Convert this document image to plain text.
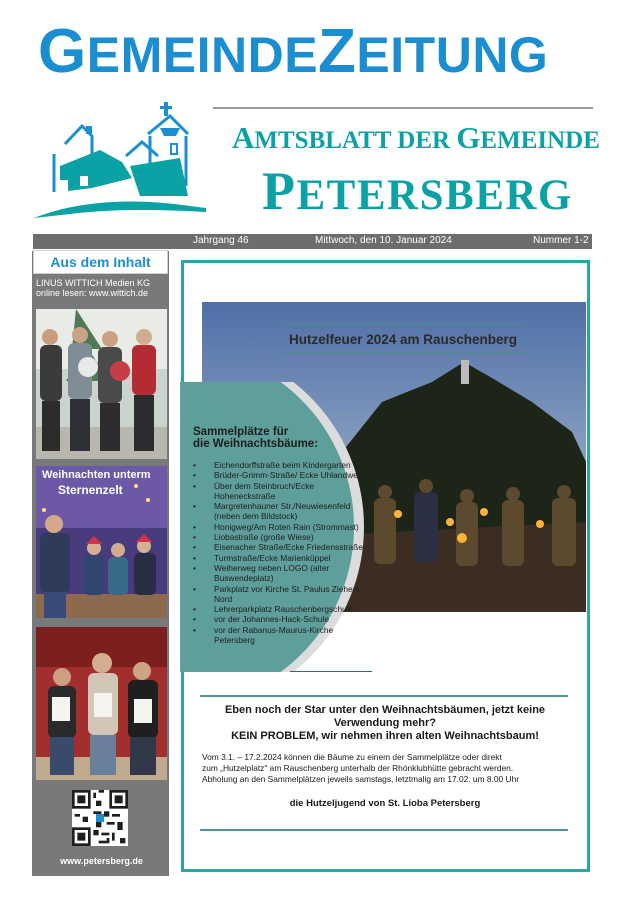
GEMEINDEZEITUNG
AMTSBLATT DER GEMEINDE
PETERSBERG
Jahrgang 46	Mittwoch, den 10. Januar 2024	Nummer 1-2
Aus dem Inhalt
LINUS WITTICH Medien KG
online lesen: www.wittich.de
Weihnachten unterm
Sternenzelt
www.petersberg.de
Hutzelfeuer 2024 am Rauschenberg
Sammelplätze für
die Weihnachtsbäume:
• Eichendorffstraße beim Kindergarten
• Brüder-Grimm-Straße/ Ecke Uhlandweg
• Über dem Steinbruch/Ecke Hoheneckstraße
• Margretenhauner Str./Neuwiesenfeld (neben dem Bildstock)
• Honigweg/Am Roten Rain (Strommast)
• Liobastraße (große Wiese)
• Eisenacher Straße/Ecke Friedensstraße
• Turmstraße/Ecke Marienküppel
• Weiherweg neben LOGO (alter Buswendeplatz)
• Parkplatz vor Kirche St. Paulus Ziehers Nord
• Lehrerparkplatz Rauschenbergschule
• vor der Johannes-Hack-Schule
• vor der Rabanus-Maurus-Kirche Petersberg
Eben noch der Star unter den Weihnachtsbäumen, jetzt keine
Verwendung mehr?
KEIN PROBLEM, wir nehmen ihren alten Weihnachtsbaum!
Vom 3.1. – 17.2.2024 können die Bäume zu einem der Sammelplätze oder direkt
zum „Hutzelplatz" am Rauschenberg unterhalb der Rhönklubhütte gebracht werden.
Abholung an den Sammelplätzen jeweils samstags, letztmalig am 17.02. um 8.00 Uhr
die Hutzeljugend von St. Lioba Petersberg
